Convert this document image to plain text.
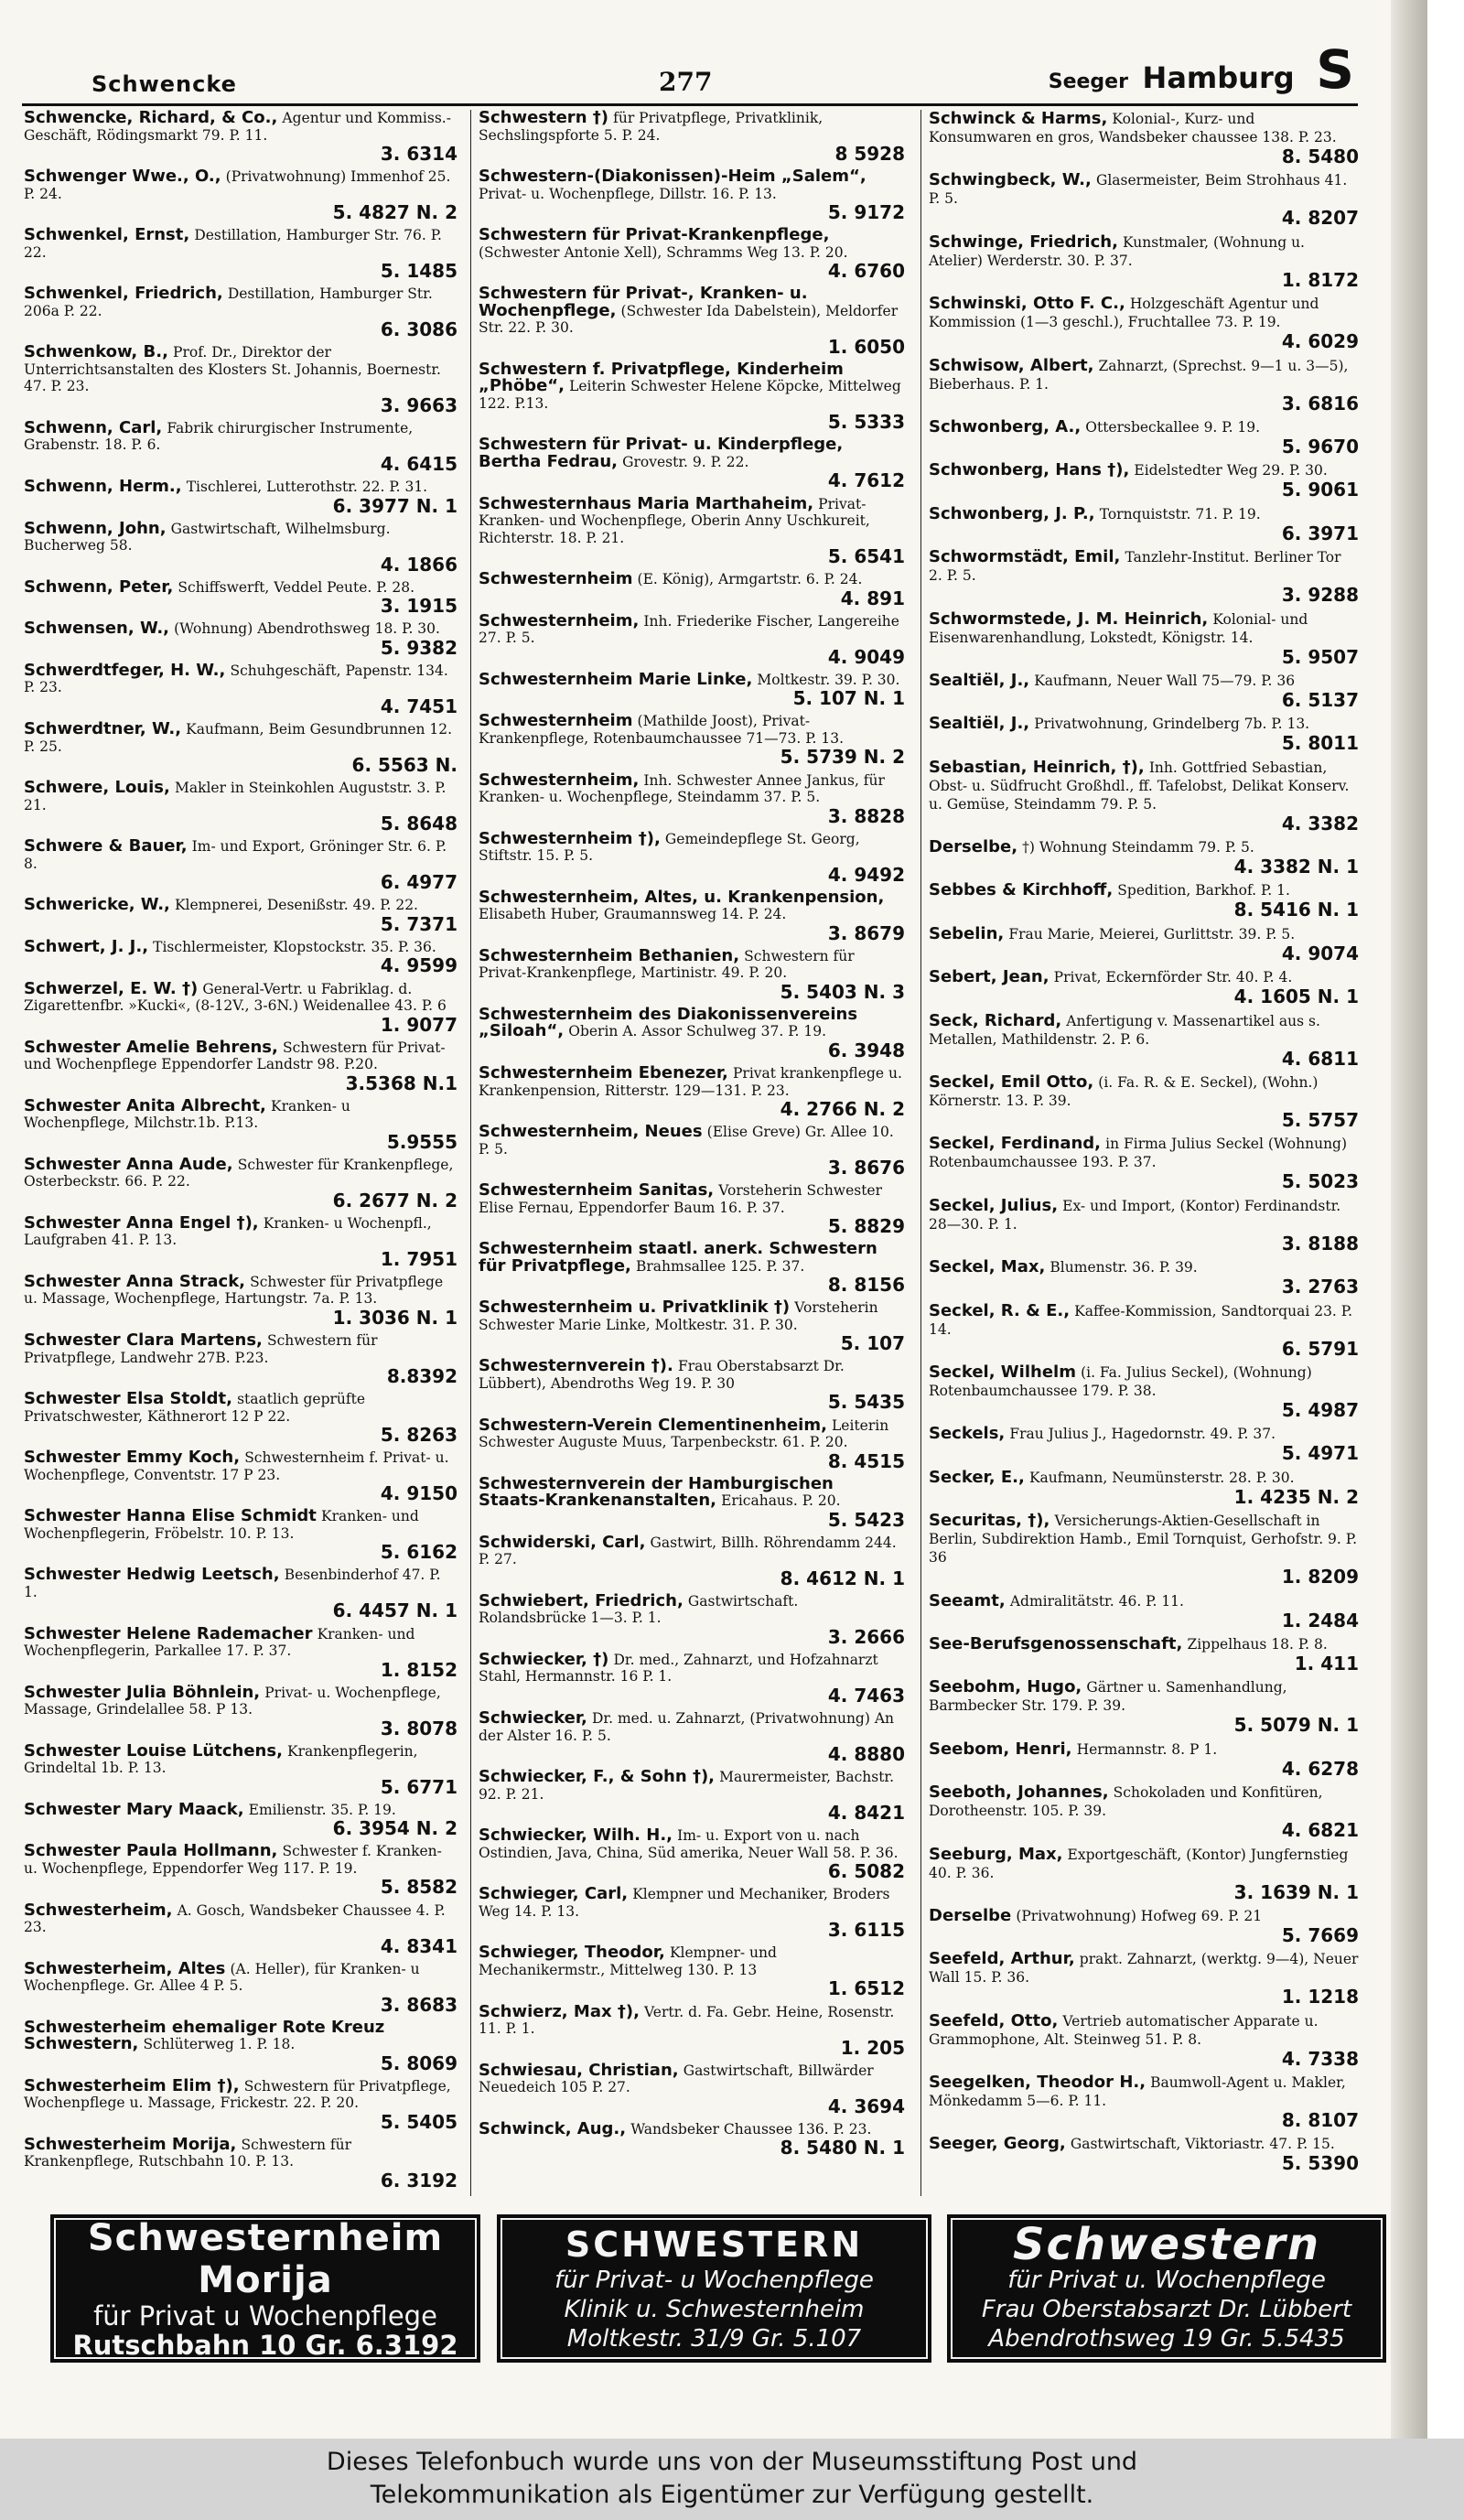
Schwencke	277	Seeger Hamburg S
Schwencke, Richard, & Co., Agentur und Kommiss.-Geschäft, Rödingsmarkt 79. P. 11.
3. 6314
Schwenger Wwe., O., (Privatwohnung) Immenhof 25. P. 24.
5. 4827 N. 2
Schwenkel, Ernst, Destillation, Hamburger Str. 76. P. 22.
5. 1485
Schwenkel, Friedrich, Destillation, Hamburger Str. 206a P. 22.
6. 3086
Schwenkow, B., Prof. Dr., Direktor der Unterrichtsanstalten des Klosters St. Johannis, Boernestr. 47. P. 23.
3. 9663
Schwenn, Carl, Fabrik chirurgischer Instrumente, Grabenstr. 18. P. 6.
4. 6415
Schwenn, Herm., Tischlerei, Lutterothstr. 22. P. 31.
6. 3977 N. 1
Schwenn, John, Gastwirtschaft, Wilhelmsburg. Bucherweg 58.
4. 1866
Schwenn, Peter, Schiffswerft, Veddel Peute. P. 28.
3. 1915
Schwensen, W., (Wohnung) Abendrothsweg 18. P. 30.
5. 9382
Schwerdtfeger, H. W., Schuhgeschäft, Papenstr. 134. P. 23.
4. 7451
Schwerdtner, W., Kaufmann, Beim Gesundbrunnen 12. P. 25.
6. 5563 N.
Schwere, Louis, Makler in Steinkohlen Auguststr. 3. P. 21.
5. 8648
Schwere & Bauer, Im- und Export, Gröninger Str. 6. P. 8.
6. 4977
Schwericke, W., Klempnerei, Desenißstr. 49. P. 22.
5. 7371
Schwert, J. J., Tischlermeister, Klopstockstr. 35. P. 36.
4. 9599
Schwerzel, E. W. †) General-Vertr. u Fabriklag. d. Zigarettenfbr. »Kucki«, (8-12V., 3-6N.) Weidenallee 43. P. 6
1. 9077
Schwester Amelie Behrens, Schwestern für Privat- und Wochenpflege Eppendorfer Landstr 98. P.20.
3.5368 N.1
Schwester Anita Albrecht, Kranken- u Wochenpflege, Milchstr.1b. P.13.
5.9555
Schwester Anna Aude, Schwester für Krankenpflege, Osterbeckstr. 66. P. 22.
6. 2677 N. 2
Schwester Anna Engel †), Kranken- u Wochenpfl., Laufgraben 41. P. 13.
1. 7951
Schwester Anna Strack, Schwester für Privatpflege u. Massage, Wochenpflege, Hartungstr. 7a. P. 13.
1. 3036 N. 1
Schwester Clara Martens, Schwestern für Privatpflege, Landwehr 27B. P.23.
8.8392
Schwester Elsa Stoldt, staatlich geprüfte Privatschwester, Käthnerort 12 P 22.
5. 8263
Schwester Emmy Koch, Schwesternheim f. Privat- u. Wochenpflege, Conventstr. 17 P 23.
4. 9150
Schwester Hanna Elise Schmidt Kranken- und Wochenpflegerin, Fröbelstr. 10. P. 13.
5. 6162
Schwester Hedwig Leetsch, Besenbinderhof 47. P. 1.
6. 4457 N. 1
Schwester Helene Rademacher Kranken- und Wochenpflegerin, Parkallee 17. P. 37.
1. 8152
Schwester Julia Böhnlein, Privat- u. Wochenpflege, Massage, Grindelallee 58. P 13.
3. 8078
Schwester Louise Lütchens, Krankenpflegerin, Grindeltal 1b. P. 13.
5. 6771
Schwester Mary Maack, Emilienstr. 35. P. 19.
6. 3954 N. 2
Schwester Paula Hollmann, Schwester f. Kranken- u. Wochenpflege, Eppendorfer Weg 117. P. 19.
5. 8582
Schwesterheim, A. Gosch, Wandsbeker Chaussee 4. P. 23.
4. 8341
Schwesterheim, Altes (A. Heller), für Kranken- u Wochenpflege. Gr. Allee 4 P. 5.
3. 8683
Schwesterheim ehemaliger Rote Kreuz Schwestern, Schlüterweg 1. P. 18.
5. 8069
Schwesterheim Elim †), Schwestern für Privatpflege, Wochenpflege u. Massage, Frickestr. 22. P. 20.
5. 5405
Schwesterheim Morija, Schwestern für Krankenpflege, Rutschbahn 10. P. 13.
6. 3192
Schwestern †) für Privatpflege, Privatklinik, Sechslingspforte 5. P. 24.
8 5928
Schwestern-(Diakonissen)-Heim „Salem“, Privat- u. Wochenpflege, Dillstr. 16. P. 13.
5. 9172
Schwestern für Privat-Krankenpflege, (Schwester Antonie Xell), Schramms Weg 13. P. 20.
4. 6760
Schwestern für Privat-, Kranken- u. Wochenpflege, (Schwester Ida Dabelstein), Meldorfer Str. 22. P. 30.
1. 6050
Schwestern f. Privatpflege, Kinderheim „Phöbe“, Leiterin Schwester Helene Köpcke, Mittelweg 122. P.13.
5. 5333
Schwestern für Privat- u. Kinderpflege, Bertha Fedrau, Grovestr. 9. P. 22.
4. 7612
Schwesternhaus Maria Marthaheim, Privat-Kranken- und Wochenpflege, Oberin Anny Uschkureit, Richterstr. 18. P. 21.
5. 6541
Schwesternheim (E. König), Armgartstr. 6. P. 24.
4. 891
Schwesternheim, Inh. Friederike Fischer, Langereihe 27. P. 5.
4. 9049
Schwesternheim Marie Linke, Moltkestr. 39. P. 30.
5. 107 N. 1
Schwesternheim (Mathilde Joost), Privat-Krankenpflege, Rotenbaumchaussee 71—73. P. 13.
5. 5739 N. 2
Schwesternheim, Inh. Schwester Annee Jankus, für Kranken- u. Wochenpflege, Steindamm 37. P. 5.
3. 8828
Schwesternheim †), Gemeindepflege St. Georg, Stiftstr. 15. P. 5.
4. 9492
Schwesternheim, Altes, u. Krankenpension, Elisabeth Huber, Graumannsweg 14. P. 24.
3. 8679
Schwesternheim Bethanien, Schwestern für Privat-Krankenpflege, Martinistr. 49. P. 20.
5. 5403 N. 3
Schwesternheim des Diakonissenvereins „Siloah“, Oberin A. Assor Schulweg 37. P. 19.
6. 3948
Schwesternheim Ebenezer, Privat krankenpflege u. Krankenpension, Ritterstr. 129—131. P. 23.
4. 2766 N. 2
Schwesternheim, Neues (Elise Greve) Gr. Allee 10. P. 5.
3. 8676
Schwesternheim Sanitas, Vorsteherin Schwester Elise Fernau, Eppendorfer Baum 16. P. 37.
5. 8829
Schwesternheim staatl. anerk. Schwestern für Privatpflege, Brahmsallee 125. P. 37.
8. 8156
Schwesternheim u. Privatklinik †) Vorsteherin Schwester Marie Linke, Moltkestr. 31. P. 30.
5. 107
Schwesternverein †). Frau Oberstabsarzt Dr. Lübbert), Abendroths Weg 19. P. 30
5. 5435
Schwestern-Verein Clementinenheim, Leiterin Schwester Auguste Muus, Tarpenbeckstr. 61. P. 20.
8. 4515
Schwesternverein der Hamburgischen Staats-Krankenanstalten, Ericahaus. P. 20.
5. 5423
Schwiderski, Carl, Gastwirt, Billh. Röhrendamm 244. P. 27.
8. 4612 N. 1
Schwiebert, Friedrich, Gastwirtschaft. Rolandsbrücke 1—3. P. 1.
3. 2666
Schwiecker, †) Dr. med., Zahnarzt, und Hofzahnarzt Stahl, Hermannstr. 16 P. 1.
4. 7463
Schwiecker, Dr. med. u. Zahnarzt, (Privatwohnung) An der Alster 16. P. 5.
4. 8880
Schwiecker, F., & Sohn †), Maurermeister, Bachstr. 92. P. 21.
4. 8421
Schwiecker, Wilh. H., Im- u. Export von u. nach Ostindien, Java, China, Süd amerika, Neuer Wall 58. P. 36.
6. 5082
Schwieger, Carl, Klempner und Mechaniker, Broders Weg 14. P. 13.
3. 6115
Schwieger, Theodor, Klempner- und Mechanikermstr., Mittelweg 130. P. 13
1. 6512
Schwierz, Max †), Vertr. d. Fa. Gebr. Heine, Rosenstr. 11. P. 1.
1. 205
Schwiesau, Christian, Gastwirtschaft, Billwärder Neuedeich 105 P. 27.
4. 3694
Schwinck, Aug., Wandsbeker Chaussee 136. P. 23.
8. 5480 N. 1
Schwinck & Harms, Kolonial-, Kurz- und Konsumwaren en gros, Wandsbeker chaussee 138. P. 23.
8. 5480
Schwingbeck, W., Glasermeister, Beim Strohhaus 41. P. 5.
4. 8207
Schwinge, Friedrich, Kunstmaler, (Wohnung u. Atelier) Werderstr. 30. P. 37.
1. 8172
Schwinski, Otto F. C., Holzgeschäft Agentur und Kommission (1—3 geschl.), Fruchtallee 73. P. 19.
4. 6029
Schwisow, Albert, Zahnarzt, (Sprechst. 9—1 u. 3—5), Bieberhaus. P. 1.
3. 6816
Schwonberg, A., Ottersbeckallee 9. P. 19.
5. 9670
Schwonberg, Hans †), Eidelstedter Weg 29. P. 30.
5. 9061
Schwonberg, J. P., Tornquiststr. 71. P. 19.
6. 3971
Schwormstädt, Emil, Tanzlehr-Institut. Berliner Tor 2. P. 5.
3. 9288
Schwormstede, J. M. Heinrich, Kolonial- und Eisenwarenhandlung, Lokstedt, Königstr. 14.
5. 9507
Sealtiël, J., Kaufmann, Neuer Wall 75—79. P. 36
6. 5137
Sealtiël, J., Privatwohnung, Grindelberg 7b. P. 13.
5. 8011
Sebastian, Heinrich, †), Inh. Gottfried Sebastian, Obst- u. Südfrucht Großhdl., ff. Tafelobst, Delikat Konserv. u. Gemüse, Steindamm 79. P. 5.
4. 3382
Derselbe, †) Wohnung Steindamm 79. P. 5.
4. 3382 N. 1
Sebbes & Kirchhoff, Spedition, Barkhof. P. 1.
8. 5416 N. 1
Sebelin, Frau Marie, Meierei, Gurlittstr. 39. P. 5.
4. 9074
Sebert, Jean, Privat, Eckernförder Str. 40. P. 4.
4. 1605 N. 1
Seck, Richard, Anfertigung v. Massenartikel aus s. Metallen, Mathildenstr. 2. P. 6.
4. 6811
Seckel, Emil Otto, (i. Fa. R. & E. Seckel), (Wohn.) Körnerstr. 13. P. 39.
5. 5757
Seckel, Ferdinand, in Firma Julius Seckel (Wohnung) Rotenbaumchaussee 193. P. 37.
5. 5023
Seckel, Julius, Ex- und Import, (Kontor) Ferdinandstr. 28—30. P. 1.
3. 8188
Seckel, Max, Blumenstr. 36. P. 39.
3. 2763
Seckel, R. & E., Kaffee-Kommission, Sandtorquai 23. P. 14.
6. 5791
Seckel, Wilhelm (i. Fa. Julius Seckel), (Wohnung) Rotenbaumchaussee 179. P. 38.
5. 4987
Seckels, Frau Julius J., Hagedornstr. 49. P. 37.
5. 4971
Secker, E., Kaufmann, Neumünsterstr. 28. P. 30.
1. 4235 N. 2
Securitas, †), Versicherungs-Aktien-Gesellschaft in Berlin, Subdirektion Hamb., Emil Tornquist, Gerhofstr. 9. P. 36
1. 8209
Seeamt, Admiralitätstr. 46. P. 11.
1. 2484
See-Berufsgenossenschaft, Zippelhaus 18. P. 8.
1. 411
Seebohm, Hugo, Gärtner u. Samenhandlung, Barmbecker Str. 179. P. 39.
5. 5079 N. 1
Seebom, Henri, Hermannstr. 8. P 1.
4. 6278
Seeboth, Johannes, Schokoladen und Konfitüren, Dorotheenstr. 105. P. 39.
4. 6821
Seeburg, Max, Exportgeschäft, (Kontor) Jungfernstieg 40. P. 36.
3. 1639 N. 1
Derselbe (Privatwohnung) Hofweg 69. P. 21
5. 7669
Seefeld, Arthur, prakt. Zahnarzt, (werktg. 9—4), Neuer Wall 15. P. 36.
1. 1218
Seefeld, Otto, Vertrieb automatischer Apparate u. Grammophone, Alt. Steinweg 51. P. 8.
4. 7338
Seegelken, Theodor H., Baumwoll-Agent u. Makler, Mönkedamm 5—6. P. 11.
8. 8107
Seeger, Georg, Gastwirtschaft, Viktoriastr. 47. P. 15.
5. 5390
Schwesternheim Morija
für Privat u Wochenpflege
Rutschbahn 10 Gr. 6.3192
SCHWESTERN
für Privat- u Wochenpflege
Klinik u. Schwesternheim
Moltkestr. 31/9 Gr. 5.107
Schwestern
für Privat u. Wochenpflege
Frau Oberstabsarzt Dr. Lübbert
Abendrothsweg 19 Gr. 5.5435
Dieses Telefonbuch wurde uns von der Museumsstiftung Post und
Telekommunikation als Eigentümer zur Verfügung gestellt.
